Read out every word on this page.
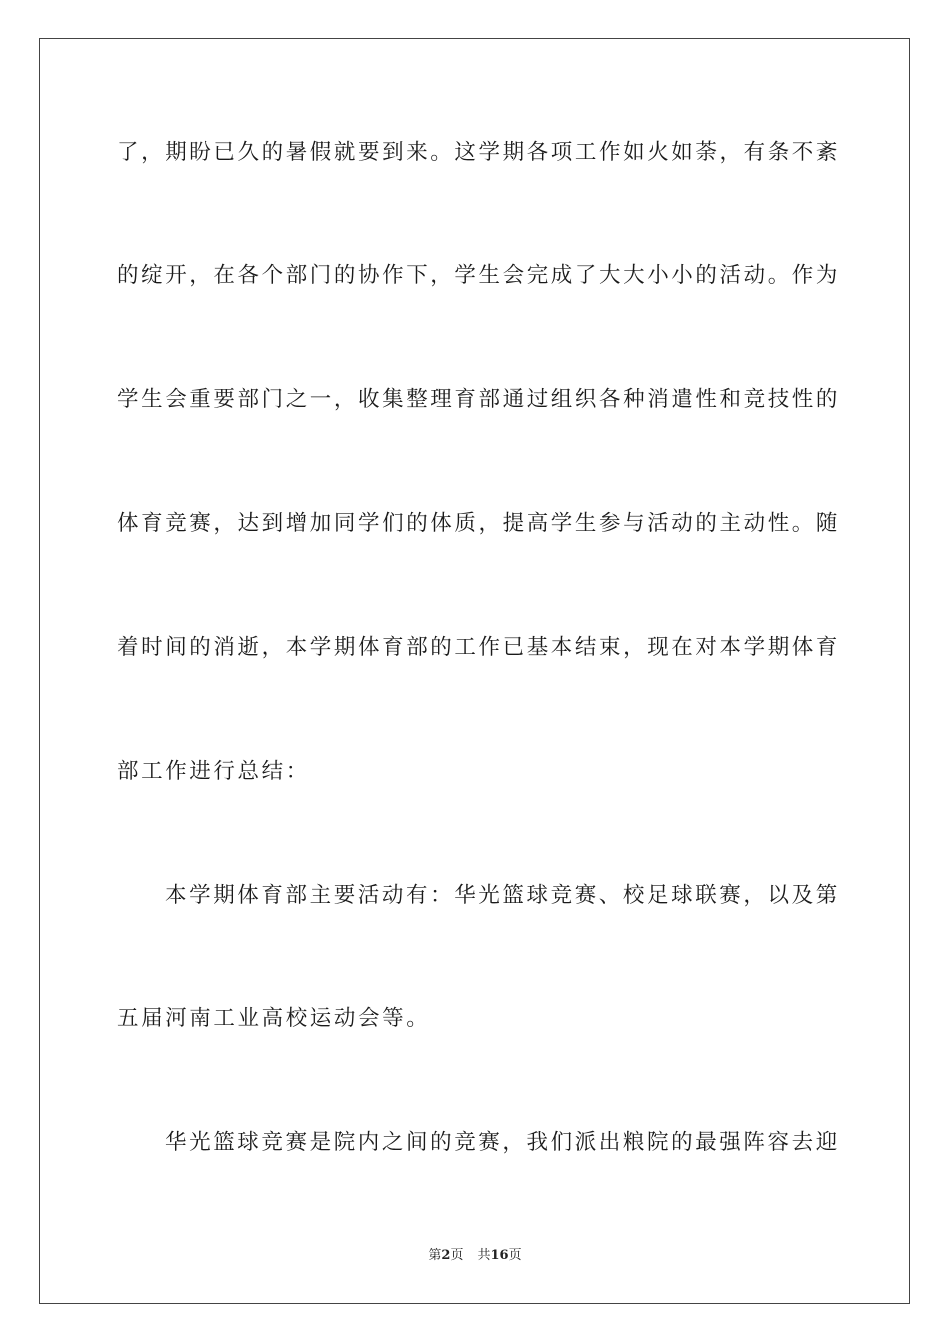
了，期盼已久的暑假就要到来。这学期各项工作如火如荼，有条不紊
的绽开，在各个部门的协作下，学生会完成了大大小小的活动。作为
学生会重要部门之一，收集整理育部通过组织各种消遣性和竞技性的
体育竞赛，达到增加同学们的体质，提高学生参与活动的主动性。随
着时间的消逝，本学期体育部的工作已基本结束，现在对本学期体育
部工作进行总结：
本学期体育部主要活动有：华光篮球竞赛、校足球联赛，以及第
五届河南工业高校运动会等。
华光篮球竞赛是院内之间的竞赛，我们派出粮院的最强阵容去迎
第2页 共16页
